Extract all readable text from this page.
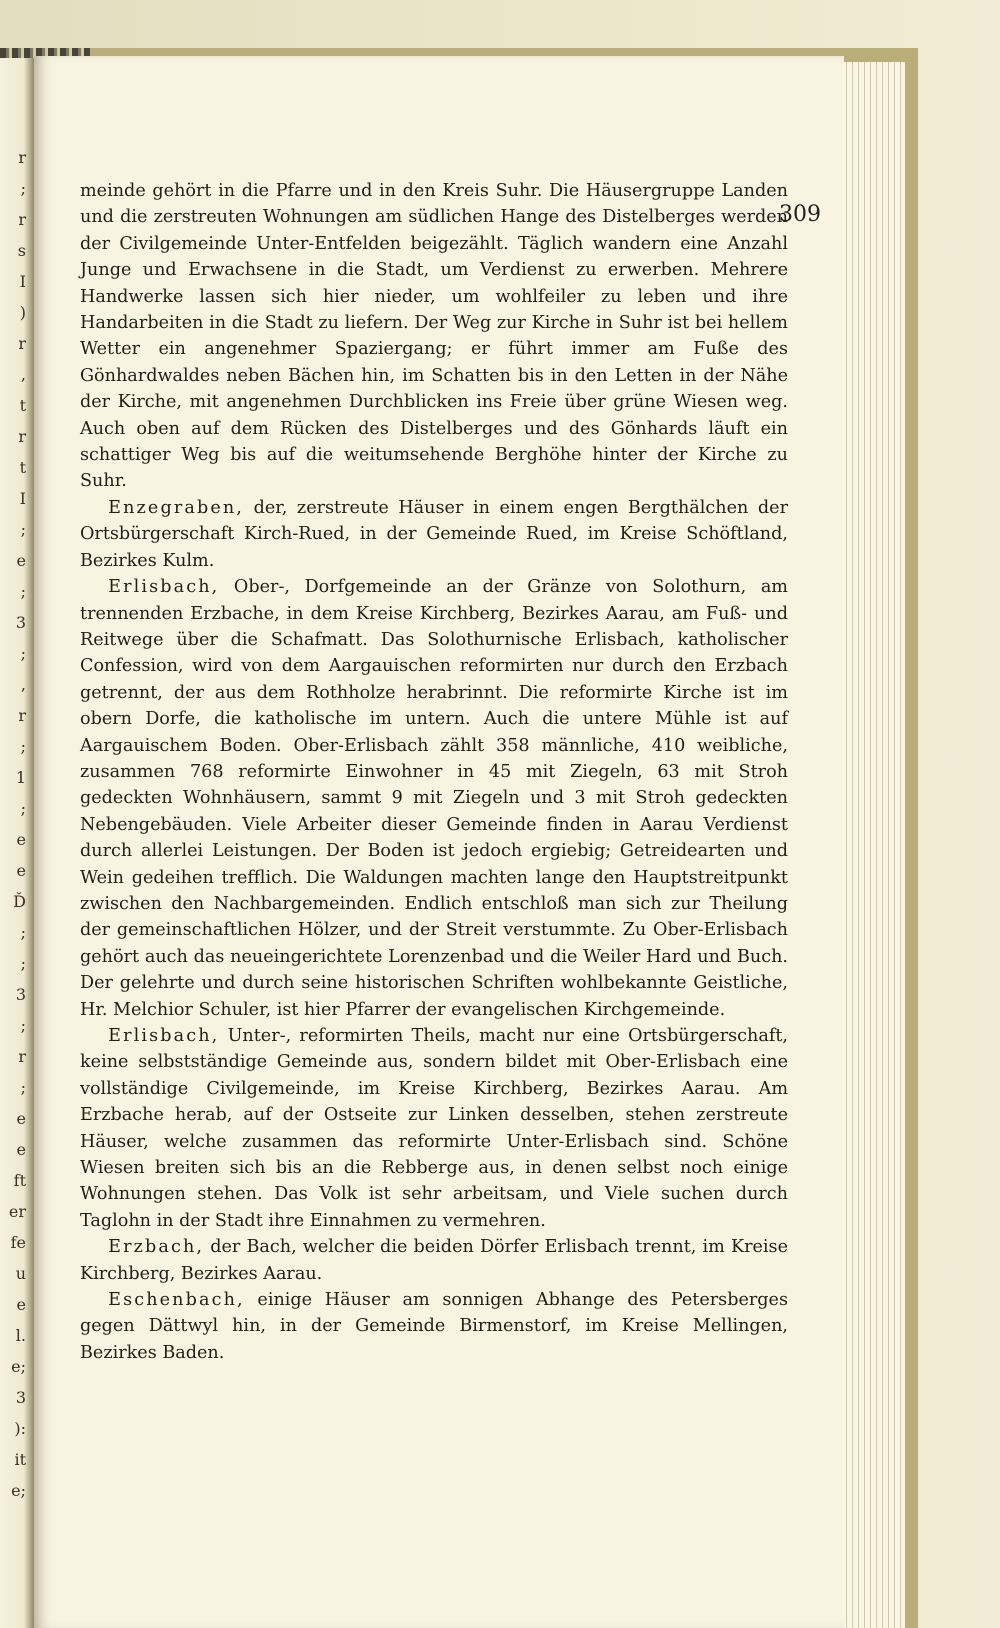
r
;
r
s
I
)
r
,
t
r
t
I
;
e
;
3
;
,
r
;
1
;
e
e
Ď
;
;
3
;
r
;
e
e
ft
er
fe
u
e
l.
e;
3
):
it
e;
309

meinde gehört in die Pfarre und in den Kreis Suhr. Die Häusergruppe Landen und die zerstreuten Wohnungen am südlichen Hange des Distelberges werden der Civilgemeinde Unter-Entfelden beigezählt. Täglich wandern eine Anzahl Junge und Erwachsene in die Stadt, um Verdienst zu erwerben. Mehrere Handwerke lassen sich hier nieder, um wohlfeiler zu leben und ihre Handarbeiten in die Stadt zu liefern. Der Weg zur Kirche in Suhr ist bei hellem Wetter ein angenehmer Spaziergang; er führt immer am Fuße des Gönhardwaldes neben Bächen hin, im Schatten bis in den Letten in der Nähe der Kirche, mit angenehmen Durchblicken ins Freie über grüne Wiesen weg. Auch oben auf dem Rücken des Distelberges und des Gönhards läuft ein schattiger Weg bis auf die weitumsehende Berghöhe hinter der Kirche zu Suhr.

Enzegraben, der, zerstreute Häuser in einem engen Bergthälchen der Ortsbürgerschaft Kirch-Rued, in der Gemeinde Rued, im Kreise Schöftland, Bezirkes Kulm.

Erlisbach, Ober-, Dorfgemeinde an der Gränze von Solothurn, am trennenden Erzbache, in dem Kreise Kirchberg, Bezirkes Aarau, am Fuß- und Reitwege über die Schafmatt. Das Solothurnische Erlisbach, katholischer Confession, wird von dem Aargauischen reformirten nur durch den Erzbach getrennt, der aus dem Rothholze herabrinnt. Die reformirte Kirche ist im obern Dorfe, die katholische im untern. Auch die untere Mühle ist auf Aargauischem Boden. Ober-Erlisbach zählt 358 männliche, 410 weibliche, zusammen 768 reformirte Einwohner in 45 mit Ziegeln, 63 mit Stroh gedeckten Wohnhäusern, sammt 9 mit Ziegeln und 3 mit Stroh gedeckten Nebengebäuden. Viele Arbeiter dieser Gemeinde finden in Aarau Verdienst durch allerlei Leistungen. Der Boden ist jedoch ergiebig; Getreidearten und Wein gedeihen trefflich. Die Waldungen machten lange den Hauptstreitpunkt zwischen den Nachbargemeinden. Endlich entschloß man sich zur Theilung der gemeinschaftlichen Hölzer, und der Streit verstummte. Zu Ober-Erlisbach gehört auch das neueingerichtete Lorenzenbad und die Weiler Hard und Buch. Der gelehrte und durch seine historischen Schriften wohlbekannte Geistliche, Hr. Melchior Schuler, ist hier Pfarrer der evangelischen Kirchgemeinde.

Erlisbach, Unter-, reformirten Theils, macht nur eine Ortsbürgerschaft, keine selbstständige Gemeinde aus, sondern bildet mit Ober-Erlisbach eine vollständige Civilgemeinde, im Kreise Kirchberg, Bezirkes Aarau. Am Erzbache herab, auf der Ostseite zur Linken desselben, stehen zerstreute Häuser, welche zusammen das reformirte Unter-Erlisbach sind. Schöne Wiesen breiten sich bis an die Rebberge aus, in denen selbst noch einige Wohnungen stehen. Das Volk ist sehr arbeitsam, und Viele suchen durch Taglohn in der Stadt ihre Einnahmen zu vermehren.

Erzbach, der Bach, welcher die beiden Dörfer Erlisbach trennt, im Kreise Kirchberg, Bezirkes Aarau.

Eschenbach, einige Häuser am sonnigen Abhange des Petersberges gegen Dättwyl hin, in der Gemeinde Birmenstorf, im Kreise Mellingen, Bezirkes Baden.
